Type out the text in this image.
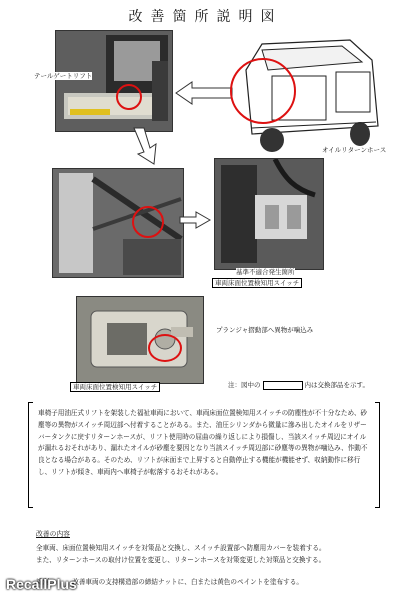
改善箇所説明図
テールゲートリフト
オイルリターンホース
基準不適合発生箇所
車両床面位置検知用スイッチ
プランジャ摺動部へ異物が噛込み
車両床面位置検知用スイッチ	注：図中の	内は交換部品を示す。

車椅子用油圧式リフトを架装した福祉車両において、車両床面位置検知用スイッチの防塵性が不十分なため、砂塵等の異物がスイッチ周辺部へ付着することがある。また、油圧シリンダから微量に滲み出したオイルをリザーバータンクに戻すリターンホースが、リフト使用時の屈曲の繰り返しにより損傷し、当該スイッチ周辺にオイルが漏れるおそれがあり、漏れたオイルが砂塵を要因となり当該スイッチ周辺部に砂塵等の異物が噛込み、作動不良となる場合がある。そのため、リフトが床面まで上昇すると自動停止する機能が機能せず、収納動作に移行し、リフトが傾き、車両内へ車椅子が転落するおそれがある。

改善の内容
全車両、床面位置検知用スイッチを対策品と交換し、スイッチ設置部へ防塵用カバーを装着する。
また、リターンホースの取付け位置を変更し、リターンホースを対策変更した対策品と交換する。
識別：　　　改善車両の支持構造部の締結ナットに、白または黄色のペイントを塗布する。
RecallPlus
